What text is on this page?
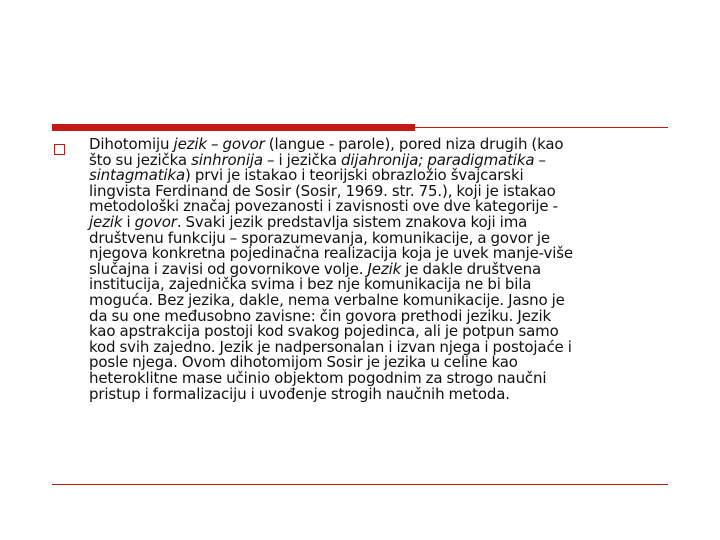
Dihotomiju jezik – govor (langue - parole), pored niza drugih (kao
što su jezička sinhronija – i jezička dijahronija; paradigmatika –
sintagmatika) prvi je istakao i teorijski obrazložio švajcarski
lingvista Ferdinand de Sosir (Sosir, 1969. str. 75.), koji je istakao
metodološki značaj povezanosti i zavisnosti ove dve kategorije -
jezik i govor. Svaki jezik predstavlja sistem znakova koji ima
društvenu funkciju – sporazumevanja, komunikacije, a govor je
njegova konkretna pojedinačna realizacija koja je uvek manje-više
slučajna i zavisi od govornikove volje. Jezik je dakle društvena
institucija, zajednička svima i bez nje komunikacija ne bi bila
moguća. Bez jezika, dakle, nema verbalne komunikacije. Jasno je
da su one međusobno zavisne: čin govora prethodi jeziku. Jezik
kao apstrakcija postoji kod svakog pojedinca, ali je potpun samo
kod svih zajedno. Jezik je nadpersonalan i izvan njega i postojaće i
posle njega. Ovom dihotomijom Sosir je jezika u celine kao
heteroklitne mase učinio objektom pogodnim za strogo naučni
pristup i formalizaciju i uvođenje strogih naučnih metoda.
